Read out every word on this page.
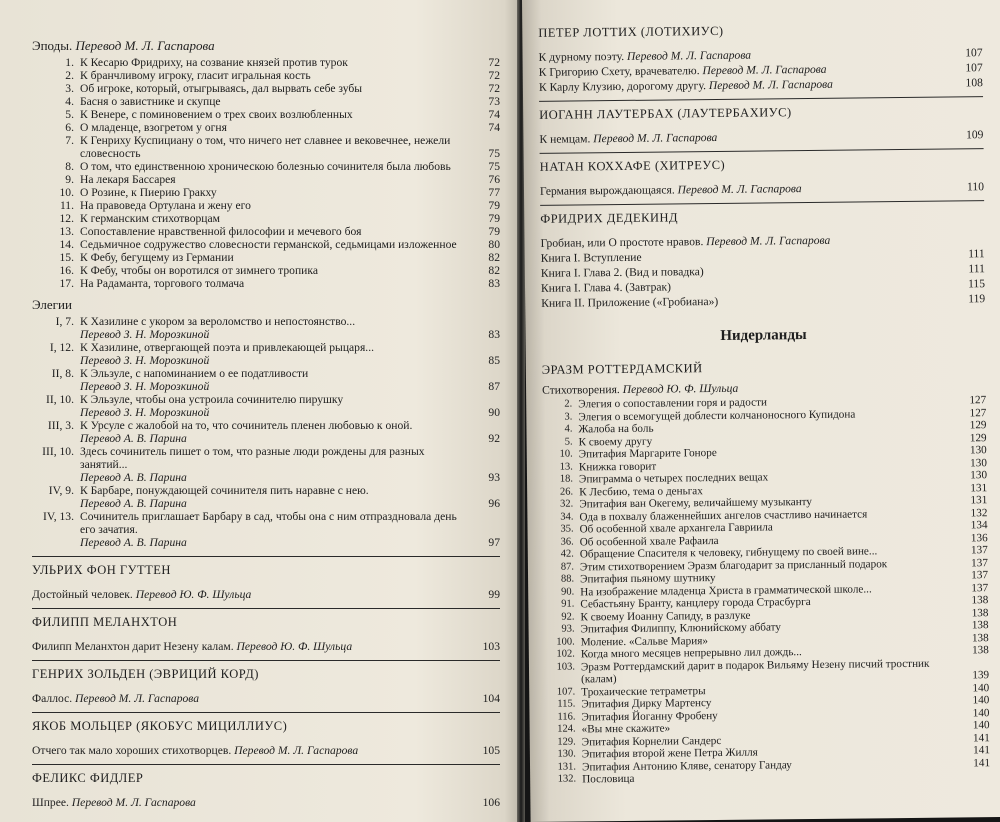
Эподы. Перевод М. Л. Гаспарова
1. К Кесарю Фридриху, на созвание князей против турок	72
2. К бранчливому игроку, гласит игральная кость	72
3. Об игроке, который, отыгрываясь, дал вырвать себе зубы	72
4. Басня о завистнике и скупце	73
5. К Венере, с поминовением о трех своих возлюбленных	74
6. О младенце, взогретом у огня	74
7. К Генриху Куспициану о том, что ничего нет славнее и вековечнее, нежели словесность	75
8. О том, что единственною хроническою болезнью сочинителя была любовь	75
9. На лекаря Бассарея	76
10. О Розине, к Пиерию Гракху	77
11. На правоведа Ортулана и жену его	79
12. К германским стихотворцам	79
13. Сопоставление нравственной философии и мечевого боя	79
14. Седьмичное содружество словесности германской, седьмицами изложенное	80
15. К Фебу, бегущему из Германии	82
16. К Фебу, чтобы он воротился от зимнего тропика	82
17. На Радаманта, торгового толмача	83
Элегии
I, 7. К Хазилине с укором за вероломство и непостоянство...
Перевод З. Н. Морозкиной	83
I, 12. К Хазилине, отвергающей поэта и привлекающей рыцаря...
Перевод З. Н. Морозкиной	85
II, 8. К Эльзуле, с напоминанием о ее податливости
Перевод З. Н. Морозкиной	87
II, 10. К Эльзуле, чтобы она устроила сочинителю пирушку
Перевод З. Н. Морозкиной	90
III, 3. К Урсуле с жалобой на то, что сочинитель пленен любовью к оной.
Перевод А. В. Парина	92
III, 10. Здесь сочинитель пишет о том, что разные люди рождены для разных занятий...
Перевод А. В. Парина	93
IV, 9. К Барбаре, понуждающей сочинителя пить наравне с нею.
Перевод А. В. Парина	96
IV, 13. Сочинитель приглашает Барбару в сад, чтобы она с ним отпраздновала день его зачатия.
Перевод А. В. Парина	97
УЛЬРИХ ФОН ГУТТЕН
Достойный человек. Перевод Ю. Ф. Шульца	99
ФИЛИПП МЕЛАНХТОН
Филипп Меланхтон дарит Незену калам. Перевод Ю. Ф. Шульца	103
ГЕНРИХ ЗОЛЬДЕН (ЭВРИЦИЙ КОРД)
Фаллос. Перевод М. Л. Гаспарова	104
ЯКОБ МОЛЬЦЕР (ЯКОБУС МИЦИЛЛИУС)
Отчего так мало хороших стихотворцев. Перевод М. Л. Гаспарова	105
ФЕЛИКС ФИДЛЕР
Шпрее. Перевод М. Л. Гаспарова	106
ПЕТЕР ЛОТТИХ (ЛОТИХИУС)
К дурному поэту. Перевод М. Л. Гаспарова	107
К Григорию Схету, врачевателю. Перевод М. Л. Гаспарова	107
К Карлу Клузию, дорогому другу. Перевод М. Л. Гаспарова	108
ИОГАНН ЛАУТЕРБАХ (ЛАУТЕРБАХИУС)
К немцам. Перевод М. Л. Гаспарова	109
НАТАН КОХХАФЕ (ХИТРЕУС)
Германия вырождающаяся. Перевод М. Л. Гаспарова	110
ФРИДРИХ ДЕДЕКИНД
Гробиан, или О простоте нравов. Перевод М. Л. Гаспарова
Книга I. Вступление	111
Книга I. Глава 2. (Вид и повадка)	111
Книга I. Глава 4. (Завтрак)	115
Книга II. Приложение («Гробиана»)	119
Нидерланды
ЭРАЗМ РОТТЕРДАМСКИЙ
Стихотворения. Перевод Ю. Ф. Шульца
2. Элегия о сопоставлении горя и радости	127
3. Элегия о всемогущей доблести колчаноносного Купидона	127
4. Жалоба на боль	129
5. К своему другу	129
10. Эпитафия Маргарите Гоноре	130
13. Книжка говорит	130
18. Эпиграмма о четырех последних вещах	130
26. К Лесбию, тема о деньгах	131
32. Эпитафия ван Окегему, величайшему музыканту	131
34. Ода в похвалу блаженнейших ангелов счастливо начинается	132
35. Об особенной хвале архангела Гавриила	134
36. Об особенной хвале Рафаила	136
42. Обращение Спасителя к человеку, гибнущему по своей вине...	137
87. Этим стихотворением Эразм благодарит за присланный подарок	137
88. Эпитафия пьяному шутнику	137
90. На изображение младенца Христа в грамматической школе...	137
91. Себастьяну Бранту, канцлеру города Страсбурга	138
92. К своему Иоанну Сапиду, в разлуке	138
93. Эпитафия Филиппу, Клюнийскому аббату	138
100. Моление. «Сальве Мария»	138
102. Когда много месяцев непрерывно лил дождь...	138
103. Эразм Роттердамский дарит в подарок Вильяму Незену писчий тростник (калам)	139
107. Трохаические тетраметры	140
115. Эпитафия Дирку Мартенсу	140
116. Эпитафия Йоганну Фробену	140
124. «Вы мне скажите»	140
129. Эпитафия Корнелии Сандерс	141
130. Эпитафия второй жене Петра Жилля	141
131. Эпитафия Антонию Кляве, сенатору Гандау	141
132. Пословица
